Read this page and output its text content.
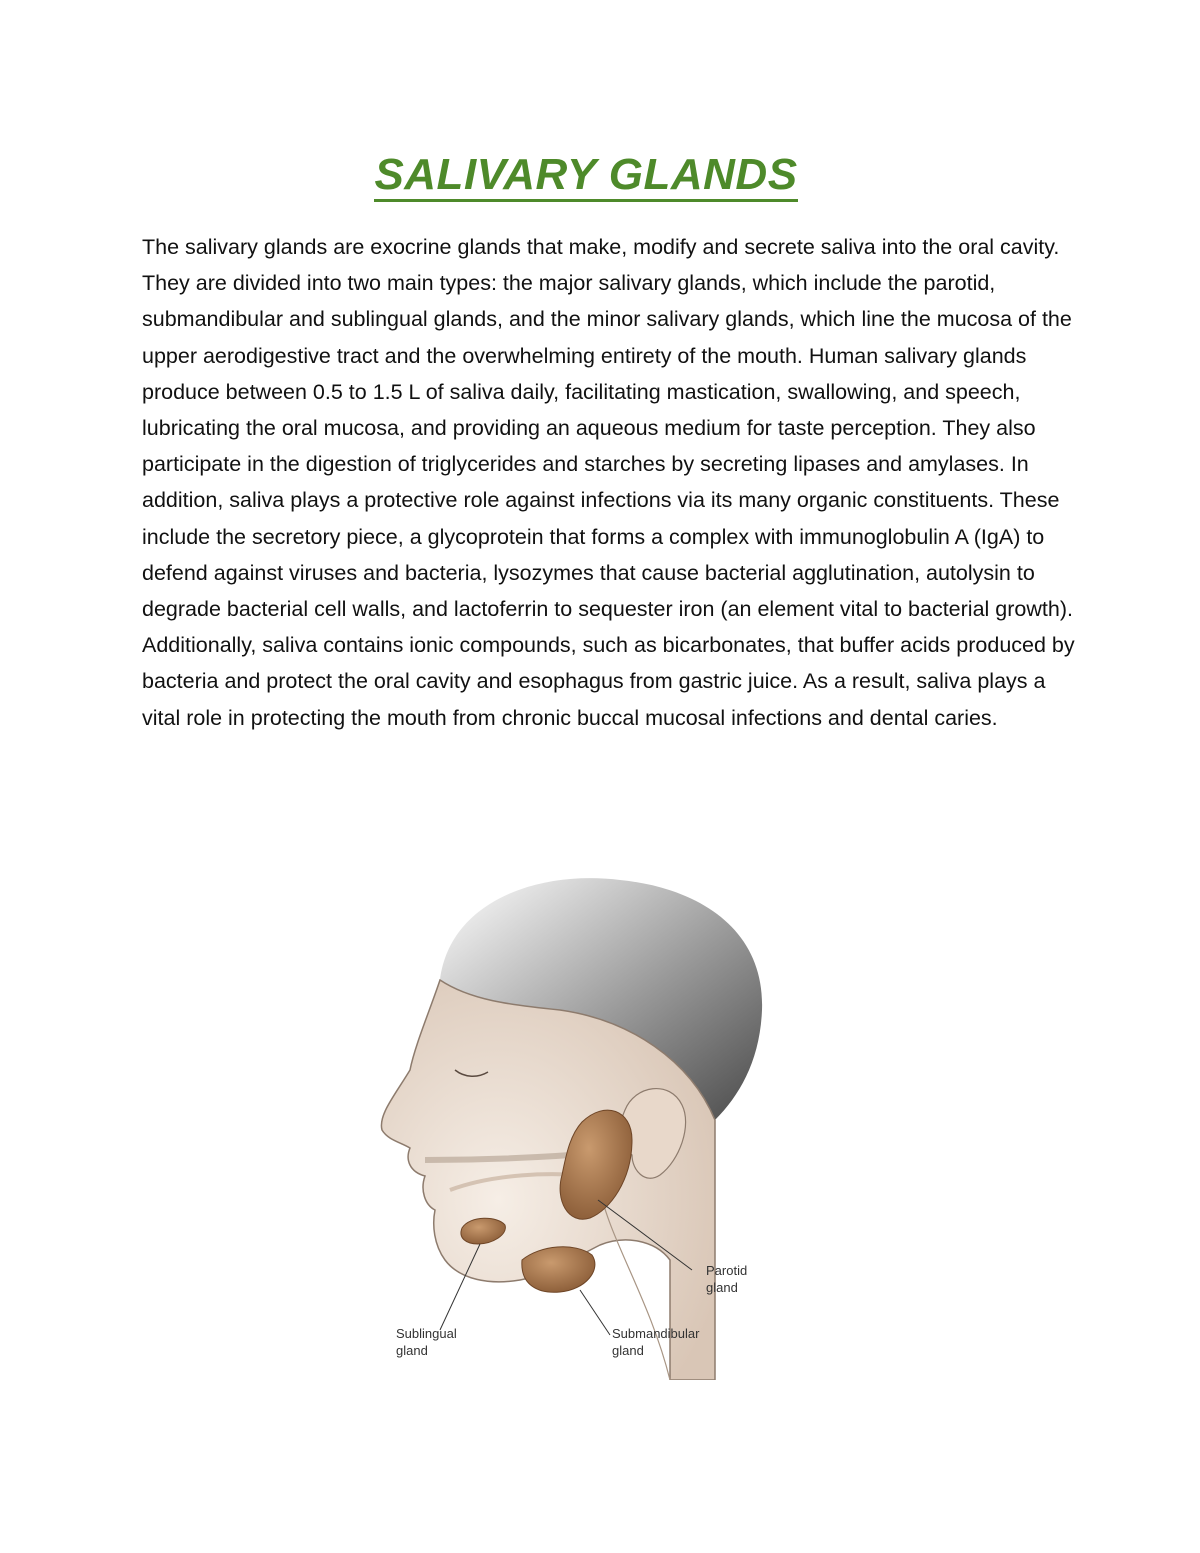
SALIVARY GLANDS

The salivary glands are exocrine glands that make, modify and secrete saliva into the oral cavity. They are divided into two main types: the major salivary glands, which include the parotid, submandibular and sublingual glands, and the minor salivary glands, which line the mucosa of the upper aerodigestive tract and the overwhelming entirety of the mouth. Human salivary glands produce between 0.5 to 1.5 L of saliva daily, facilitating mastication, swallowing, and speech, lubricating the oral mucosa, and providing an aqueous medium for taste perception. They also participate in the digestion of triglycerides and starches by secreting lipases and amylases. In addition, saliva plays a protective role against infections via its many organic constituents. These include the secretory piece, a glycoprotein that forms a complex with immunoglobulin A (IgA) to defend against viruses and bacteria, lysozymes that cause bacterial agglutination, autolysin to degrade bacterial cell walls, and lactoferrin to sequester iron (an element vital to bacterial growth). Additionally, saliva contains ionic compounds, such as bicarbonates, that buffer acids produced by bacteria and protect the oral cavity and esophagus from gastric juice. As a result, saliva plays a vital role in protecting the mouth from chronic buccal mucosal infections and dental caries.

Parotid
gland
Submandibular
gland
Sublingual
gland
